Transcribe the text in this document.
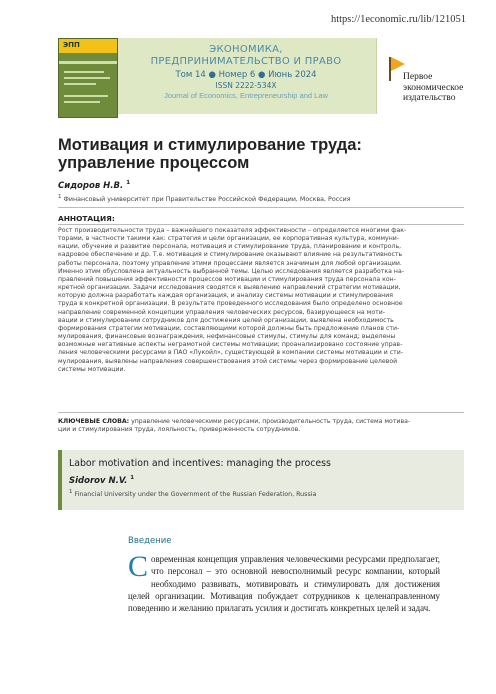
https://1economic.ru/lib/121051
ЭПП	ЭКОНОМИКА,
ПРЕДПРИНИМАТЕЛЬСТВО И ПРАВО
Том 14 ● Номер 6 ● Июнь 2024
ISSN 2222-534X
Journal of Economics, Entrepreneurship and Law
Первое
экономическое
издательство
Мотивация и стимулирование труда:
управление процессом
Сидоров Н.В. $^1$
1 Финансовый университет при Правительстве Российской Федерации, Москва, Россия
АННОТАЦИЯ:
Рост производительности труда – важнейшего показателя эффективности – определяется многими фак-
торами, в частности такими как: стратегия и цели организации, ее корпоративная культура, коммуни-
кации, обучение и развитие персонала, мотивация и стимулирование труда, планирование и контроль,
кадровое обеспечение и др. Т.е. мотивация и стимулирование оказывают влияние на результативность
работы персонала, поэтому управление этими процессами является значимым для любой организации.
Именно этим обусловлена актуальность выбранной темы. Целью исследования является разработка на-
правлений повышения эффективности процессов мотивации и стимулирования труда персонала кон-
кретной организации. Задачи исследования сводятся к выявлению направлений стратегии мотивации,
которую должна разработать каждая организация, и анализу системы мотивации и стимулирования
труда в конкретной организации. В результате проведенного исследования было определено основное
направление современной концепции управления человеческих ресурсов, базирующееся на моти-
вации и стимулировании сотрудников для достижения целей организации, выявлена необходимость
формирования стратегии мотивации, составляющими которой должны быть предложение планов сти-
мулирования, финансовые вознаграждения, нефинансовые стимулы, стимулы для команд; выделены
возможные негативные аспекты неграмотной системы мотивации; проанализировано состояние управ-
ления человеческими ресурсами в ПАО «Лукойл», существующей в компании системы мотивации и сти-
мулирования, выявлены направления совершенствования этой системы через формирование целевой
системы мотивации.
КЛЮЧЕВЫЕ СЛОВА: управление человеческими ресурсами, производительность труда, система мотива-
ции и стимулирования труда, лояльность, приверженность сотрудников.
Labor motivation and incentives: managing the process
Sidorov N.V. $^1$
1 Financial University under the Government of the Russian Federation, Russia
Введение
С овременная концепция управления человеческими ресурсами предполагает, что персонал – это основной невосполнимый ресурс компании, который необходимо развивать, мотивировать и стимулировать для достижения целей организации. Мотивация побуждает сотрудников к целенаправленному поведению и желанию прилагать усилия и достигать конкретных целей и задач.
